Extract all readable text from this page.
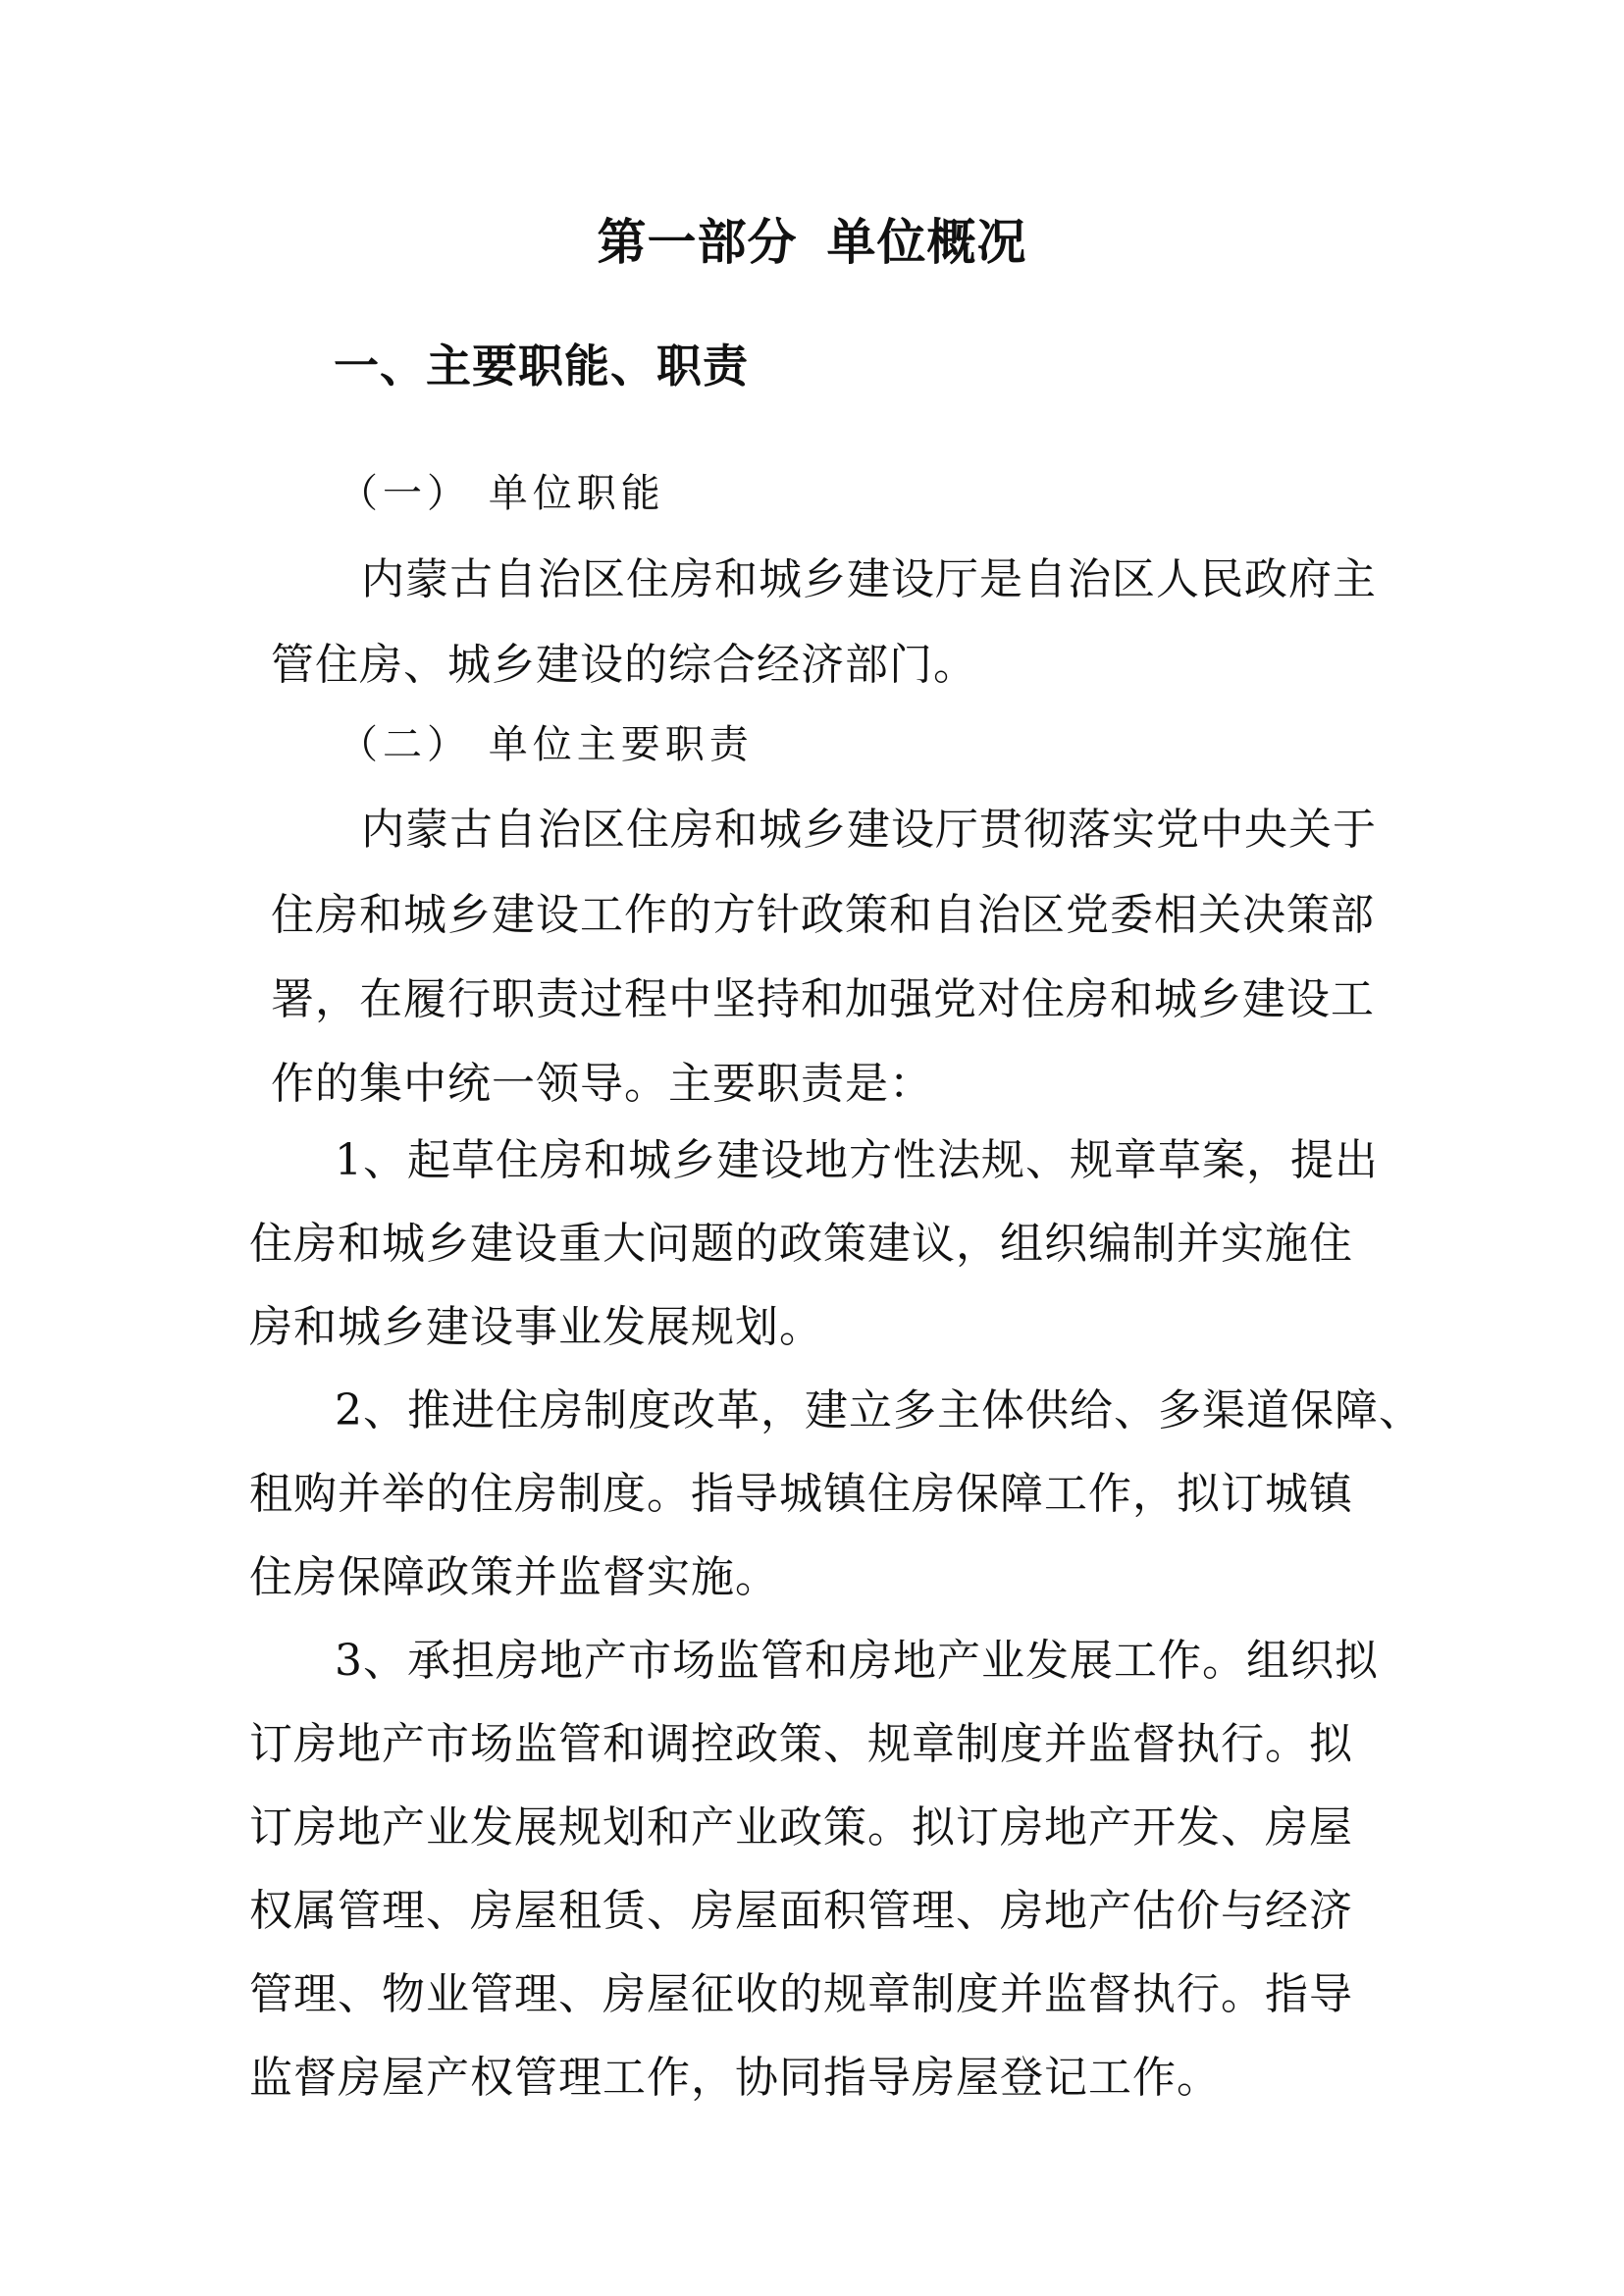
第一部分 单位概况
一、主要职能、职责
（一） 单位职能
内蒙古自治区住房和城乡建设厅是自治区人民政府主
管住房、城乡建设的综合经济部门。
（二） 单位主要职责
内蒙古自治区住房和城乡建设厅贯彻落实党中央关于
住房和城乡建设工作的方针政策和自治区党委相关决策部
署，在履行职责过程中坚持和加强党对住房和城乡建设工
作的集中统一领导。主要职责是：
1、起草住房和城乡建设地方性法规、规章草案，提出
住房和城乡建设重大问题的政策建议，组织编制并实施住
房和城乡建设事业发展规划。
2、推进住房制度改革，建立多主体供给、多渠道保障、
租购并举的住房制度。指导城镇住房保障工作，拟订城镇
住房保障政策并监督实施。
3、承担房地产市场监管和房地产业发展工作。组织拟
订房地产市场监管和调控政策、规章制度并监督执行。拟
订房地产业发展规划和产业政策。拟订房地产开发、房屋
权属管理、房屋租赁、房屋面积管理、房地产估价与经济
管理、物业管理、房屋征收的规章制度并监督执行。指导
监督房屋产权管理工作，协同指导房屋登记工作。
